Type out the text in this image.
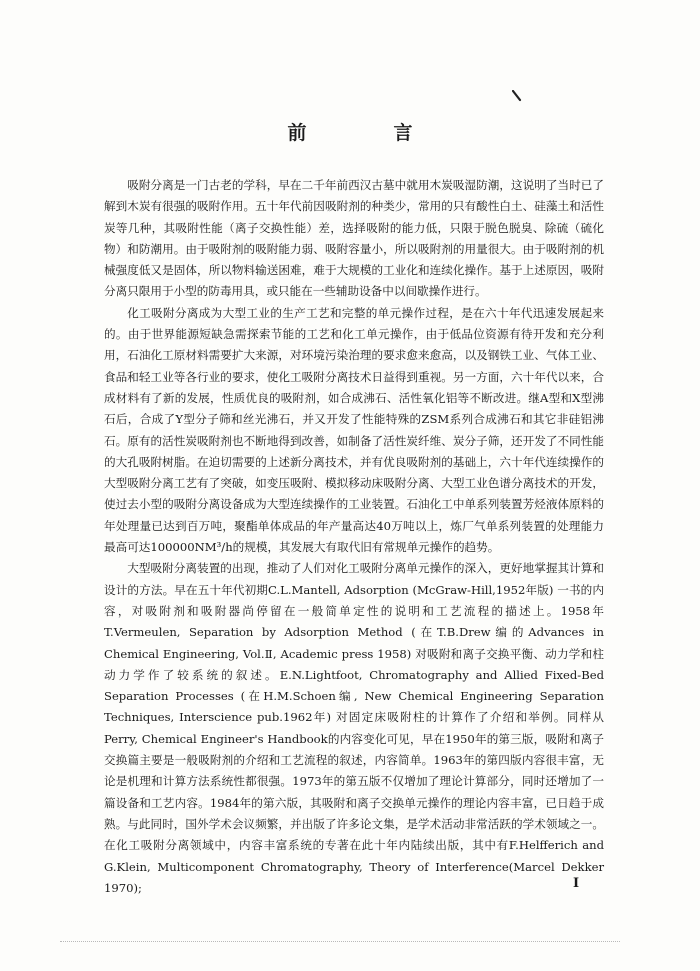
前　言

吸附分离是一门古老的学科，早在二千年前西汉古墓中就用木炭吸湿防潮，这说明了当时已了解到木炭有很强的吸附作用。五十年代前因吸附剂的种类少，常用的只有酸性白土、硅藻土和活性炭等几种，其吸附性能（离子交换性能）差，选择吸附的能力低，只限于脱色脱臭、除硫（硫化物）和防潮用。由于吸附剂的吸附能力弱、吸附容量小，所以吸附剂的用量很大。由于吸附剂的机械强度低又是固体，所以物料输送困难，难于大规模的工业化和连续化操作。基于上述原因，吸附分离只限用于小型的防毒用具，或只能在一些辅助设备中以间歇操作进行。

化工吸附分离成为大型工业的生产工艺和完整的单元操作过程，是在六十年代迅速发展起来的。由于世界能源短缺急需探索节能的工艺和化工单元操作，由于低品位资源有待开发和充分利用，石油化工原材料需要扩大来源，对环境污染治理的要求愈来愈高，以及钢铁工业、气体工业、食品和轻工业等各行业的要求，使化工吸附分离技术日益得到重视。另一方面，六十年代以来，合成材料有了新的发展，性质优良的吸附剂，如合成沸石、活性氧化铝等不断改进。继A型和X型沸石后，合成了Y型分子筛和丝光沸石，并又开发了性能特殊的ZSM系列合成沸石和其它非硅铝沸石。原有的活性炭吸附剂也不断地得到改善，如制备了活性炭纤维、炭分子筛，还开发了不同性能的大孔吸附树脂。在迫切需要的上述新分离技术，并有优良吸附剂的基础上，六十年代连续操作的大型吸附分离工艺有了突破，如变压吸附、模拟移动床吸附分离、大型工业色谱分离技术的开发，使过去小型的吸附分离设备成为大型连续操作的工业装置。石油化工中单系列装置芳烃液体原料的年处理量已达到百万吨，聚酯单体成品的年产量高达40万吨以上，炼厂气单系列装置的处理能力最高可达100000NM³/h的规模，其发展大有取代旧有常规单元操作的趋势。

大型吸附分离装置的出现，推动了人们对化工吸附分离单元操作的深入，更好地掌握其计算和设计的方法。早在五十年代初期C.L.Mantell, Adsorption (McGraw-Hill,1952年版) 一书的内容，对吸附剂和吸附器尚停留在一般简单定性的说明和工艺流程的描述上。1958年T.Vermeulen, Separation by Adsorption Method (在T.B.Drew编的Advances in Chemical Engineering, Vol.Ⅱ, Academic press 1958) 对吸附和离子交换平衡、动力学和柱动力学作了较系统的叙述。E.N.Lightfoot, Chromatography and Allied Fixed-Bed Separation Processes (在H.M.Schoen编, New Chemical Engineering Separation Techniques, Interscience pub.1962年) 对固定床吸附柱的计算作了介绍和举例。同样从Perry, Chemical Engineer's Handbook的内容变化可见，早在1950年的第三版，吸附和离子交换篇主要是一般吸附剂的介绍和工艺流程的叙述，内容简单。1963年的第四版内容很丰富，无论是机理和计算方法系统性都很强。1973年的第五版不仅增加了理论计算部分，同时还增加了一篇设备和工艺内容。1984年的第六版，其吸附和离子交换单元操作的理论内容丰富，已日趋于成熟。与此同时，国外学术会议频繁，并出版了许多论文集，是学术活动非常活跃的学术领域之一。在化工吸附分离领域中，内容丰富系统的专著在此十年内陆续出版，其中有F.Helfferich and G.Klein, Multicomponent Chromatography, Theory of Interference(Marcel Dekker 1970);	I
